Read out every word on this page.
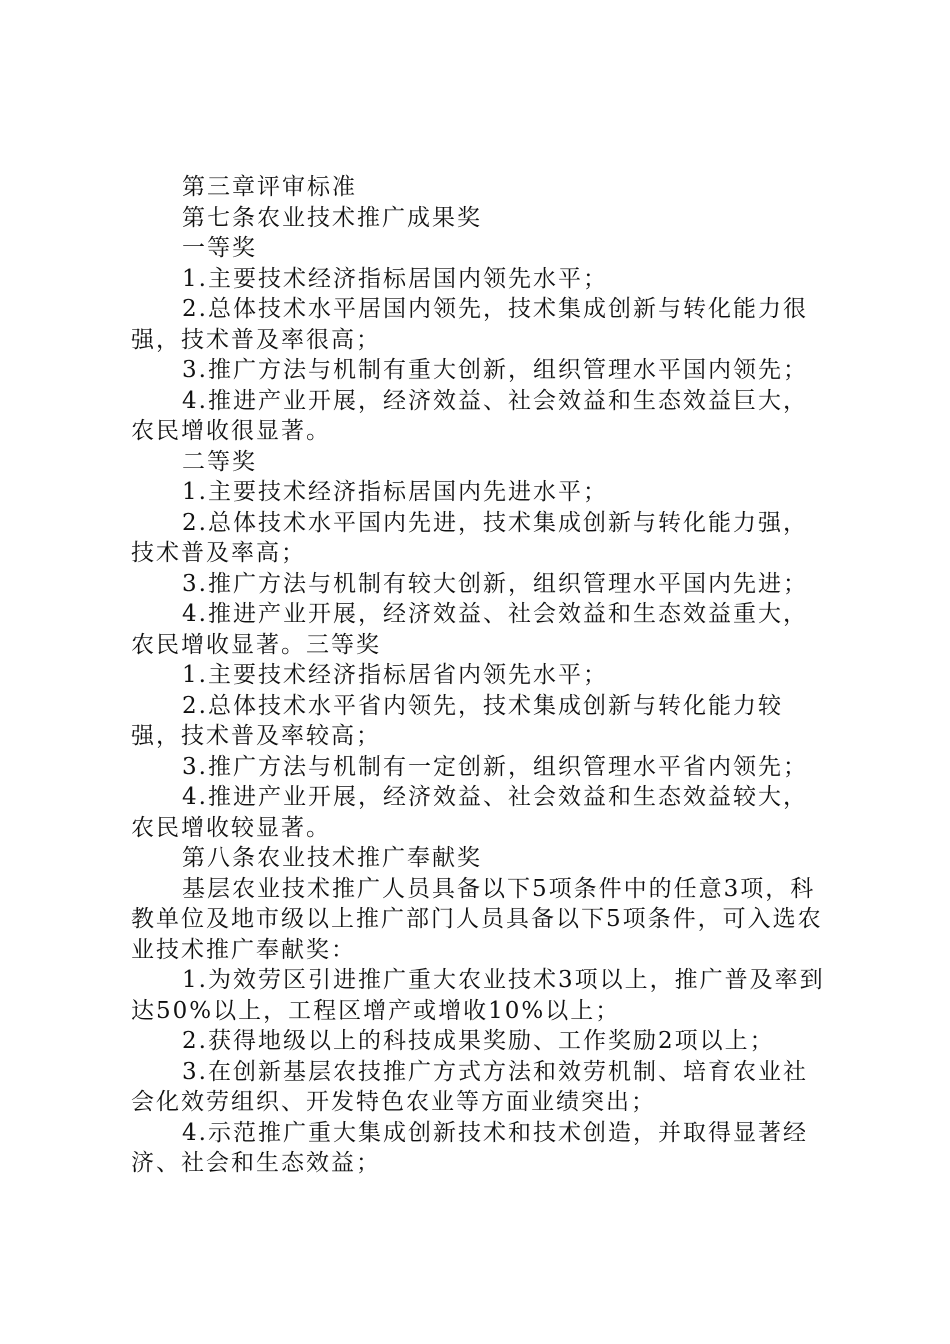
第三章评审标准

第七条农业技术推广成果奖

一等奖

1.主要技术经济指标居国内领先水平；

2.总体技术水平居国内领先，技术集成创新与转化能力很强，技术普及率很高；

3.推广方法与机制有重大创新，组织管理水平国内领先；

4.推进产业开展，经济效益、社会效益和生态效益巨大，农民增收很显著。

二等奖

1.主要技术经济指标居国内先进水平；

2.总体技术水平国内先进，技术集成创新与转化能力强，技术普及率高；

3.推广方法与机制有较大创新，组织管理水平国内先进；

4.推进产业开展，经济效益、社会效益和生态效益重大，农民增收显著。三等奖

1.主要技术经济指标居省内领先水平；

2.总体技术水平省内领先，技术集成创新与转化能力较强，技术普及率较高；

3.推广方法与机制有一定创新，组织管理水平省内领先；

4.推进产业开展，经济效益、社会效益和生态效益较大，农民增收较显著。

第八条农业技术推广奉献奖

基层农业技术推广人员具备以下5项条件中的任意3项，科教单位及地市级以上推广部门人员具备以下5项条件，可入选农业技术推广奉献奖：

1.为效劳区引进推广重大农业技术3项以上，推广普及率到达50%以上，工程区增产或增收10%以上；

2.获得地级以上的科技成果奖励、工作奖励2项以上；

3.在创新基层农技推广方式方法和效劳机制、培育农业社会化效劳组织、开发特色农业等方面业绩突出；

4.示范推广重大集成创新技术和技术创造，并取得显著经济、社会和生态效益；
